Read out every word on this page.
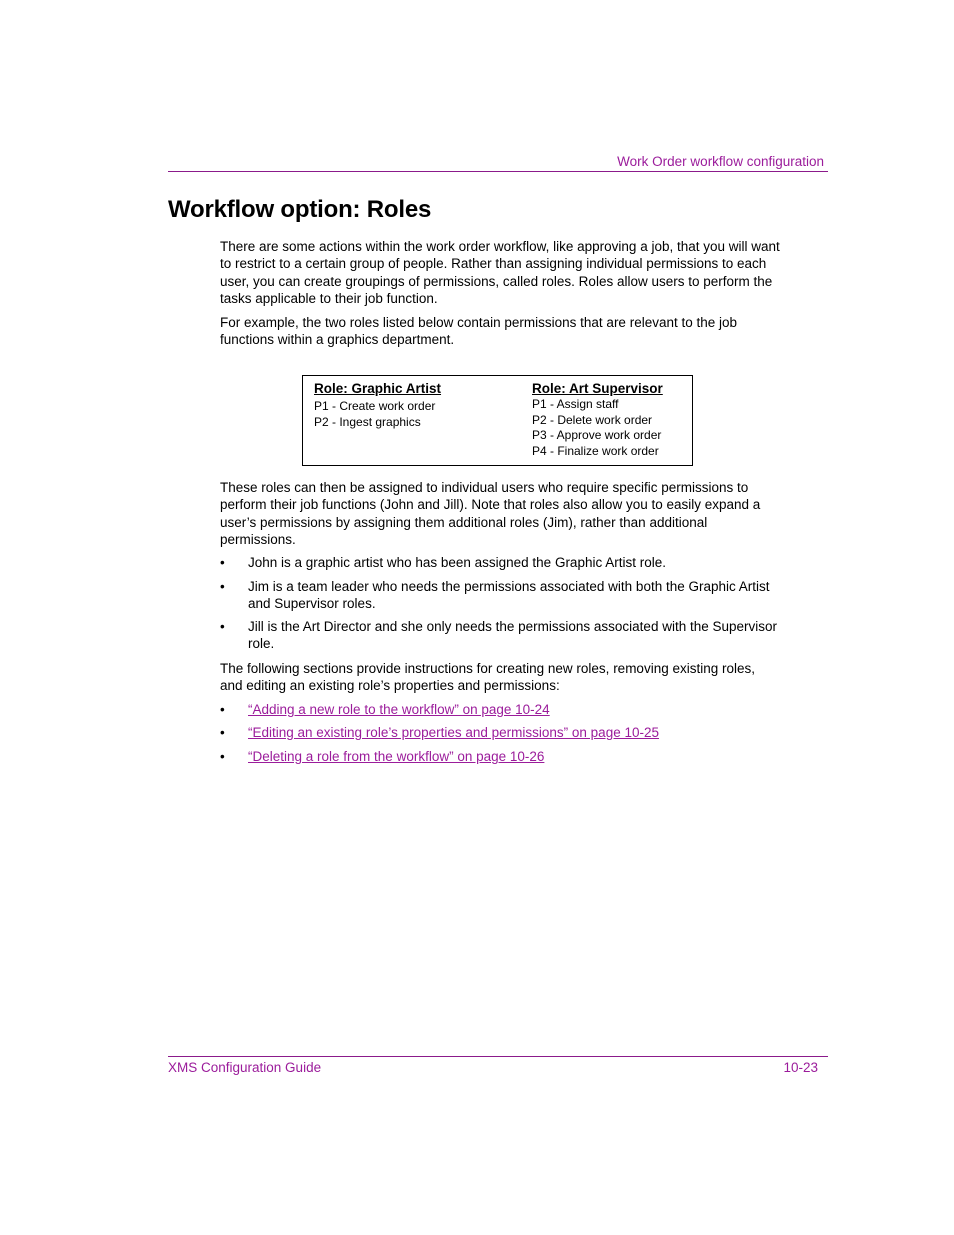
Work Order workflow configuration
Workflow option: Roles

There are some actions within the work order workflow, like approving a job, that you will want to restrict to a certain group of people. Rather than assigning individual permissions to each user, you can create groupings of permissions, called roles. Roles allow users to perform the tasks applicable to their job function.

For example, the two roles listed below contain permissions that are relevant to the job functions within a graphics department.

Role: Graphic Artist
P1 - Create work order
P2 - Ingest graphics
Role: Art Supervisor
P1 - Assign staff
P2 - Delete work order
P3 - Approve work order
P4 - Finalize work order

These roles can then be assigned to individual users who require specific permissions to perform their job functions (John and Jill). Note that roles also allow you to easily expand a user’s permissions by assigning them additional roles (Jim), rather than additional permissions.

• John is a graphic artist who has been assigned the Graphic Artist role.
• Jim is a team leader who needs the permissions associated with both the Graphic Artist and Supervisor roles.
• Jill is the Art Director and she only needs the permissions associated with the Supervisor role.

The following sections provide instructions for creating new roles, removing existing roles, and editing an existing role’s properties and permissions:

• “Adding a new role to the workflow” on page 10-24
• “Editing an existing role’s properties and permissions” on page 10-25
• “Deleting a role from the workflow” on page 10-26
XMS Configuration Guide	10-23
